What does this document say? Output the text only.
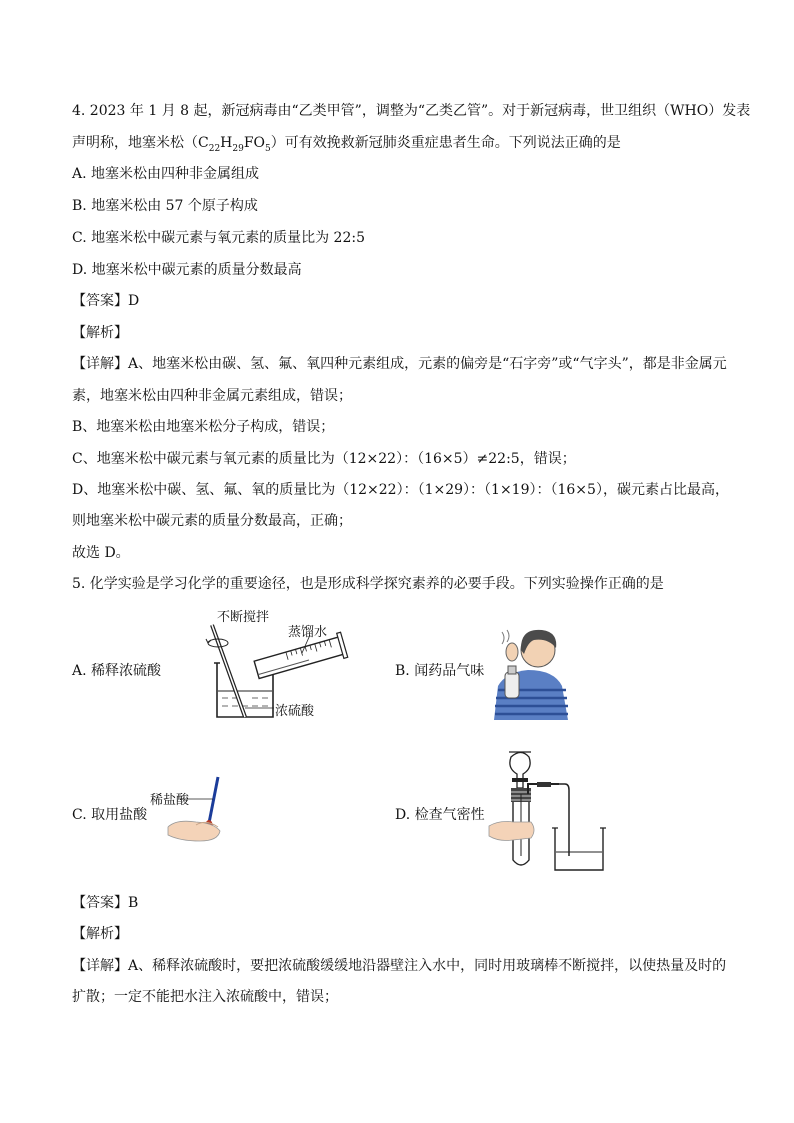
4. 2023 年 1 月 8 起，新冠病毒由“乙类甲管”，调整为“乙类乙管”。对于新冠病毒，世卫组织（WHO）发表
声明称，地塞米松$(C_{22}H_{29}FO_5)$可有效挽救新冠肺炎重症患者生命。下列说法正确的是
A. 地塞米松由四种非金属组成
B. 地塞米松由 57 个原子构成
C. 地塞米松中碳元素与氧元素的质量比为 22:5
D. 地塞米松中碳元素的质量分数最高
【答案】D
【解析】
【详解】A、地塞米松由碳、氢、氟、氧四种元素组成，元素的偏旁是“石字旁”或“气字头”，都是非金属元
素，地塞米松由四种非金属元素组成，错误；
B、地塞米松由地塞米松分子构成，错误；
C、地塞米松中碳元素与氧元素的质量比为（12×22）：（16×5）≠22:5，错误；
D、地塞米松中碳、氢、氟、氧的质量比为（12×22）：（1×29）：（1×19）：（16×5），碳元素占比最高，
则地塞米松中碳元素的质量分数最高，正确；
故选 D。
5. 化学实验是学习化学的重要途径，也是形成科学探究素养的必要手段。下列实验操作正确的是
A. 稀释浓硫酸	B. 闻药品气味
C. 取用盐酸	D. 检查气密性
不断搅拌
蒸馏水
浓硫酸
稀盐酸
【答案】B
【解析】
【详解】A、稀释浓硫酸时，要把浓硫酸缓缓地沿器壁注入水中，同时用玻璃棒不断搅拌，以使热量及时的
扩散；一定不能把水注入浓硫酸中，错误；
